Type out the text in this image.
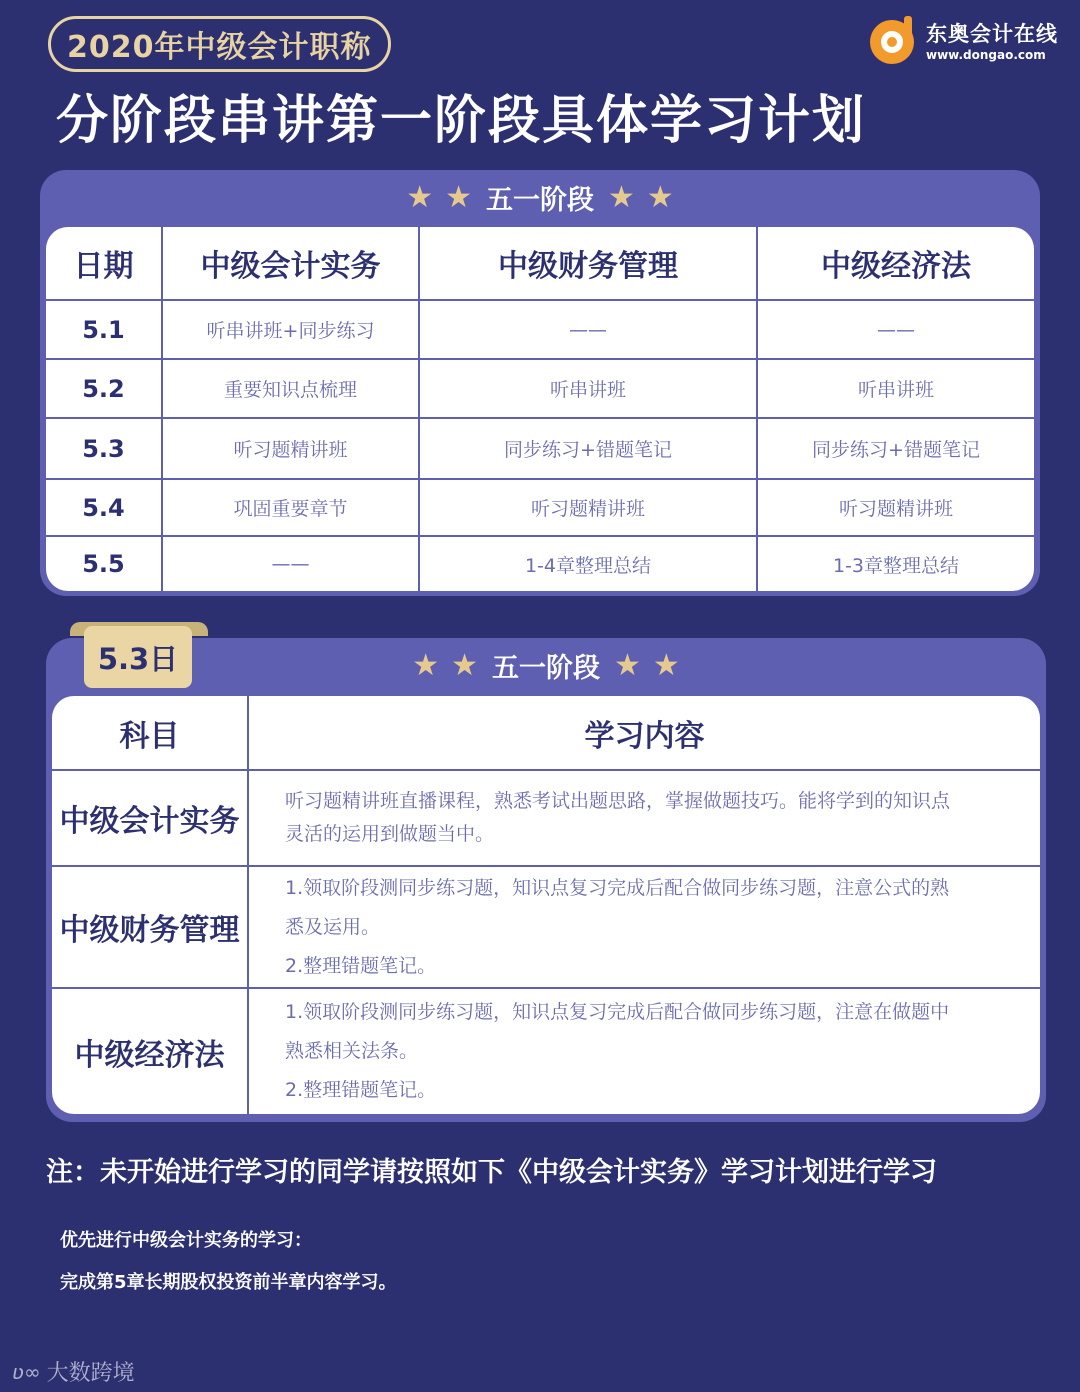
2020年中级会计职称
分阶段串讲第一阶段具体学习计划
东奥会计在线
www.dongao.com
★ ★ 五一阶段 ★ ★
日期	中级会计实务	中级财务管理	中级经济法
5.1	听串讲班+同步练习	——	——
5.2	重要知识点梳理	听串讲班	听串讲班
5.3	听习题精讲班	同步练习+错题笔记	同步练习+错题笔记
5.4	巩固重要章节	听习题精讲班	听习题精讲班
5.5	——	1-4章整理总结	1-3章整理总结
★ ★ 五一阶段 ★ ★
科目	学习内容
中级会计实务	听习题精讲班直播课程，熟悉考试出题思路，掌握做题技巧。能将学到的知识点
灵活的运用到做题当中。

中级财务管理	1.领取阶段测同步练习题，知识点复习完成后配合做同步练习题，注意公式的熟
悉及运用。
2.整理错题笔记。

中级经济法	1.领取阶段测同步练习题，知识点复习完成后配合做同步练习题，注意在做题中
熟悉相关法条。
2.整理错题笔记。
5.3日
注：未开始进行学习的同学请按照如下《中级会计实务》学习计划进行学习
优先进行中级会计实务的学习：
完成第5章长期股权投资前半章内容学习。
ʋ∞ 大数跨境
